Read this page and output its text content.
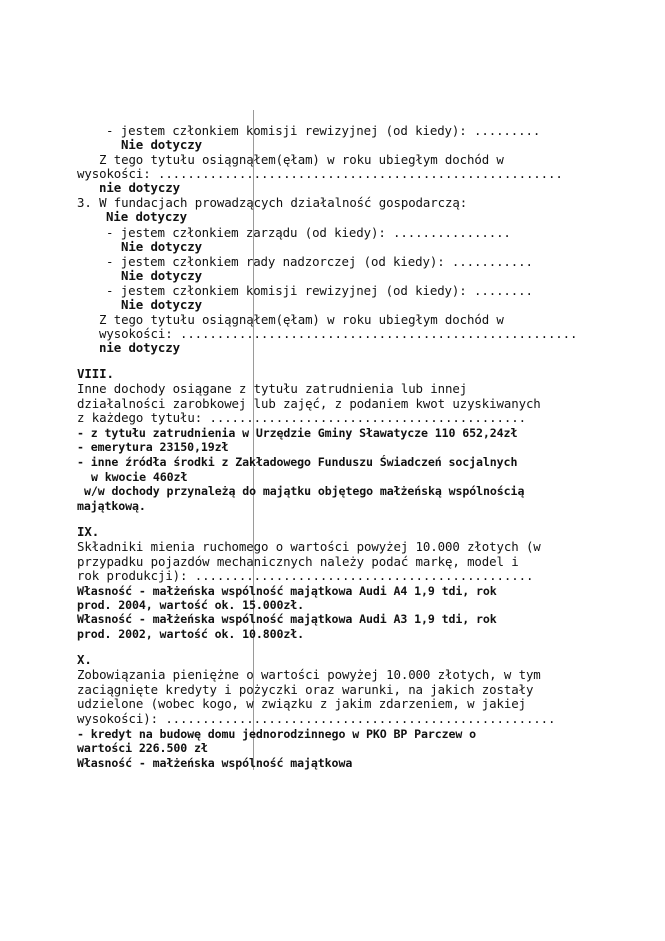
- jestem członkiem komisji rewizyjnej (od kiedy): .........
Nie dotyczy
Z tego tytułu osiągnąłem(ęłam) w roku ubiegłym dochód w
wysokości: .......................................................
nie dotyczy
3. W fundacjach prowadzących działalność gospodarczą:
Nie dotyczy
- jestem członkiem zarządu (od kiedy): ................
Nie dotyczy
- jestem członkiem rady nadzorczej (od kiedy): ...........
Nie dotyczy
- jestem członkiem komisji rewizyjnej (od kiedy): ........
Nie dotyczy
Z tego tytułu osiągnąłem(ęłam) w roku ubiegłym dochód w
wysokości: ......................................................
nie dotyczy
VIII.
Inne dochody osiągane z tytułu zatrudnienia lub innej
działalności zarobkowej lub zajęć, z podaniem kwot uzyskiwanych
z każdego tytułu: ...........................................
- z tytułu zatrudnienia w Urzędzie Gminy Sławatycze 110 652,24zł
- emerytura 23150,19zł
- inne źródła środki z Zakładowego Funduszu Świadczeń socjalnych
w kwocie 460zł
w/w dochody przynależą do majątku objętego małżeńską wspólnością
majątkową.
IX.
Składniki mienia ruchomego o wartości powyżej 10.000 złotych (w
przypadku pojazdów mechanicznych należy podać markę, model i
rok produkcji): ..............................................
Własność - małżeńska wspólność majątkowa Audi A4 1,9 tdi, rok
prod. 2004, wartość ok. 15.000zł.
Własność - małżeńska wspólność majątkowa Audi A3 1,9 tdi, rok
prod. 2002, wartość ok. 10.800zł.
X.
Zobowiązania pieniężne o wartości powyżej 10.000 złotych, w tym
zaciągnięte kredyty i pożyczki oraz warunki, na jakich zostały
udzielone (wobec kogo, w związku z jakim zdarzeniem, w jakiej
wysokości): .....................................................
- kredyt na budowę domu jednorodzinnego w PKO BP Parczew o
wartości 226.500 zł
Własność - małżeńska wspólność majątkowa
